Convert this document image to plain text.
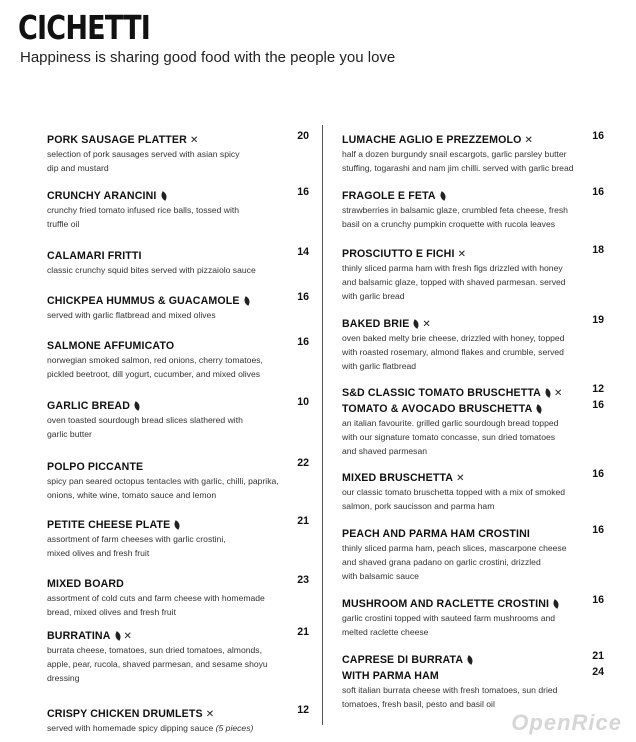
CICHETTI
Happiness is sharing good food with the people you love
PORK SAUSAGE PLATTER ✕	20
selection of pork sausages served with asian spicy
dip and mustard
CRUNCHY ARANCINI	16
crunchy fried tomato infused rice balls, tossed with
truffle oil
CALAMARI FRITTI	14
classic crunchy squid bites served with pizzaiolo sauce
CHICKPEA HUMMUS & GUACAMOLE	16
served with garlic flatbread and mixed olives
SALMONE AFFUMICATO	16
norwegian smoked salmon, red onions, cherry tomatoes,
pickled beetroot, dill yogurt, cucumber, and mixed olives
GARLIC BREAD	10
oven toasted sourdough bread slices slathered with
garlic butter
POLPO PICCANTE	22
spicy pan seared octopus tentacles with garlic, chilli, paprika,
onions, white wine, tomato sauce and lemon
PETITE CHEESE PLATE	21
assortment of farm cheeses with garlic crostini,
mixed olives and fresh fruit
MIXED BOARD	23
assortment of cold cuts and farm cheese with homemade
bread, mixed olives and fresh fruit
BURRATINA ✕	21
burrata cheese, tomatoes, sun dried tomatoes, almonds,
apple, pear, rucola, shaved parmesan, and sesame shoyu
dressing
CRISPY CHICKEN DRUMLETS ✕	12
served with homemade spicy dipping sauce (5 pieces)
LUMACHE AGLIO E PREZZEMOLO ✕	16
half a dozen burgundy snail escargots, garlic parsley butter
stuffing, togarashi and nam jim chilli. served with garlic bread
FRAGOLE E FETA	16
strawberries in balsamic glaze, crumbled feta cheese, fresh
basil on a crunchy pumpkin croquette with rucola leaves
PROSCIUTTO E FICHI ✕	18
thinly sliced parma ham with fresh figs drizzled with honey
and balsamic glaze, topped with shaved parmesan. served
with garlic bread
BAKED BRIE ✕	19
oven baked melty brie cheese, drizzled with honey, topped
with roasted rosemary, almond flakes and crumble, served
with garlic flatbread
S&D CLASSIC TOMATO BRUSCHETTA ✕	12
TOMATO & AVOCADO BRUSCHETTA	16
an italian favourite. grilled garlic sourdough bread topped
with our signature tomato concasse, sun dried tomatoes
and shaved parmesan
MIXED BRUSCHETTA ✕	16
our classic tomato bruschetta topped with a mix of smoked
salmon, pork saucisson and parma ham
PEACH AND PARMA HAM CROSTINI	16
thinly sliced parma ham, peach slices, mascarpone cheese
and shaved grana padano on garlic crostini, drizzled
with balsamic sauce
MUSHROOM AND RACLETTE CROSTINI	16
garlic crostini topped with sauteed farm mushrooms and
melted raclette cheese
CAPRESE DI BURRATA	21
WITH PARMA HAM	24
soft italian burrata cheese with fresh tomatoes, sun dried
tomatoes, fresh basil, pesto and basil oil
OpenRice
